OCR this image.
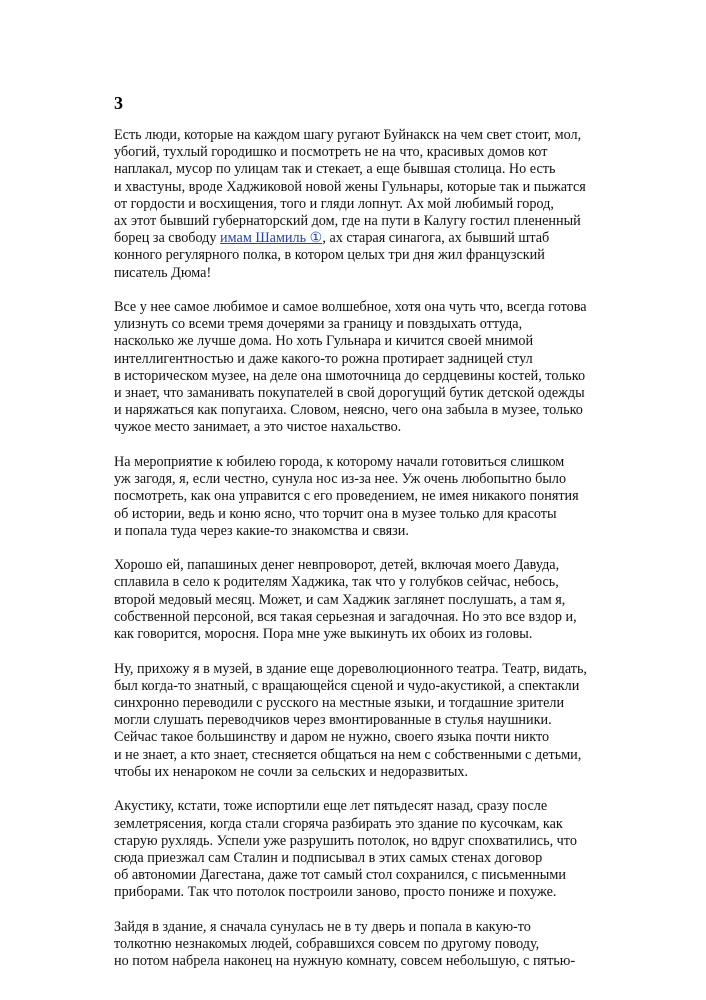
3
Есть люди, которые на каждом шагу ругают Буйнакск на чем свет стоит, мол,
убогий, тухлый городишко и посмотреть не на что, красивых домов кот
наплакал, мусор по улицам так и стекает, а еще бывшая столица. Но есть
и хвастуны, вроде Хаджиковой новой жены Гульнары, которые так и пыжатся
от гордости и восхищения, того и гляди лопнут. Ах мой любимый город,
ах этот бывший губернаторский дом, где на пути в Калугу гостил плененный
борец за свободу имам Шамиль ①, ах старая синагога, ах бывший штаб
конного регулярного полка, в котором целых три дня жил французский
писатель Дюма!
Все у нее самое любимое и самое волшебное, хотя она чуть что, всегда готова
улизнуть со всеми тремя дочерями за границу и повздыхать оттуда,
насколько же лучше дома. Но хоть Гульнара и кичится своей мнимой
интеллигентностью и даже какого-то рожна протирает задницей стул
в историческом музее, на деле она шмоточница до сердцевины костей, только
и знает, что заманивать покупателей в свой дорогущий бутик детской одежды
и наряжаться как попугаиха. Словом, неясно, чего она забыла в музее, только
чужое место занимает, а это чистое нахальство.
На мероприятие к юбилею города, к которому начали готовиться слишком
уж загодя, я, если честно, сунула нос из-за нее. Уж очень любопытно было
посмотреть, как она управится с его проведением, не имея никакого понятия
об истории, ведь и коню ясно, что торчит она в музее только для красоты
и попала туда через какие-то знакомства и связи.
Хорошо ей, папашиных денег невпроворот, детей, включая моего Давуда,
сплавила в село к родителям Хаджика, так что у голубков сейчас, небось,
второй медовый месяц. Может, и сам Хаджик заглянет послушать, а там я,
собственной персоной, вся такая серьезная и загадочная. Но это все вздор и,
как говорится, моросня. Пора мне уже выкинуть их обоих из головы.
Ну, прихожу я в музей, в здание еще дореволюционного театра. Театр, видать,
был когда-то знатный, с вращающейся сценой и чудо-акустикой, а спектакли
синхронно переводили с русского на местные языки, и тогдашние зрители
могли слушать переводчиков через вмонтированные в стулья наушники.
Сейчас такое большинству и даром не нужно, своего языка почти никто
и не знает, а кто знает, стесняется общаться на нем с собственными с детьми,
чтобы их ненароком не сочли за сельских и недоразвитых.
Акустику, кстати, тоже испортили еще лет пятьдесят назад, сразу после
землетрясения, когда стали сгоряча разбирать это здание по кусочкам, как
старую рухлядь. Успели уже разрушить потолок, но вдруг спохватились, что
сюда приезжал сам Сталин и подписывал в этих самых стенах договор
об автономии Дагестана, даже тот самый стол сохранился, с письменными
приборами. Так что потолок построили заново, просто пониже и похуже.
Зайдя в здание, я сначала сунулась не в ту дверь и попала в какую-то
толкотню незнакомых людей, собравшихся совсем по другому поводу,
но потом набрела наконец на нужную комнату, совсем небольшую, с пятью-
